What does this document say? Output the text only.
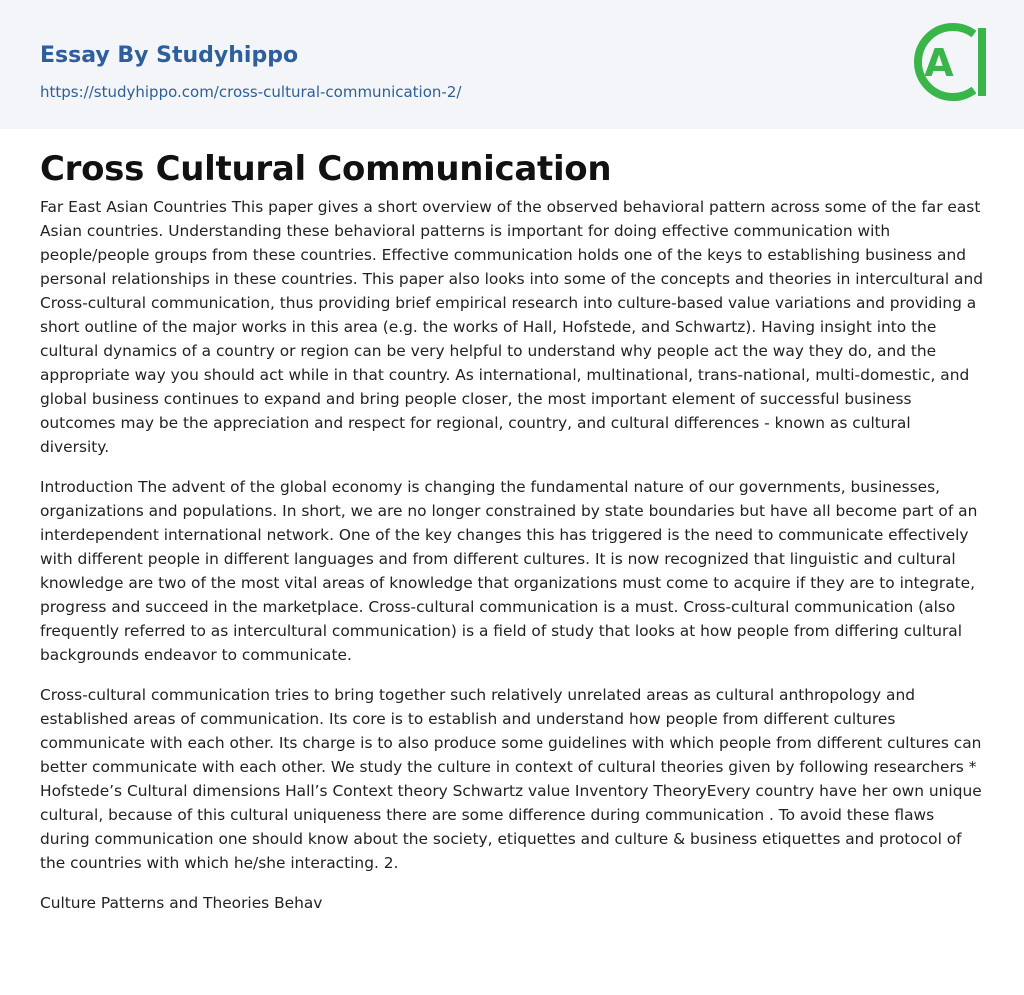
Essay By Studyhippo
https://studyhippo.com/cross-cultural-communication-2/
A
Cross Cultural Communication

Far East Asian Countries This paper gives a short overview of the observed behavioral pattern across some of the far east Asian countries. Understanding these behavioral patterns is important for doing effective communication with people/people groups from these countries. Effective communication holds one of the keys to establishing business and personal relationships in these countries. This paper also looks into some of the concepts and theories in intercultural and Cross-cultural communication, thus providing brief empirical research into culture-based value variations and providing a short outline of the major works in this area (e.g. the works of Hall, Hofstede, and Schwartz). Having insight into the cultural dynamics of a country or region can be very helpful to understand why people act the way they do, and the appropriate way you should act while in that country. As international, multinational, trans-national, multi-domestic, and global business continues to expand and bring people closer, the most important element of successful business outcomes may be the appreciation and respect for regional, country, and cultural differences - known as cultural diversity.

Introduction The advent of the global economy is changing the fundamental nature of our governments, businesses, organizations and populations. In short, we are no longer constrained by state boundaries but have all become part of an interdependent international network. One of the key changes this has triggered is the need to communicate effectively with different people in different languages and from different cultures. It is now recognized that linguistic and cultural knowledge are two of the most vital areas of knowledge that organizations must come to acquire if they are to integrate, progress and succeed in the marketplace. Cross-cultural communication is a must. Cross-cultural communication (also frequently referred to as intercultural communication) is a field of study that looks at how people from differing cultural backgrounds endeavor to communicate.

Cross-cultural communication tries to bring together such relatively unrelated areas as cultural anthropology and established areas of communication. Its core is to establish and understand how people from different cultures communicate with each other. Its charge is to also produce some guidelines with which people from different cultures can better communicate with each other. We study the culture in context of cultural theories given by following researchers * Hofstede’s Cultural dimensions Hall’s Context theory Schwartz value Inventory TheoryEvery country have her own unique cultural, because of this cultural uniqueness there are some difference during communication . To avoid these flaws during communication one should know about the society, etiquettes and culture & business etiquettes and protocol of the countries with which he/she interacting. 2.

Culture Patterns and Theories Behav
